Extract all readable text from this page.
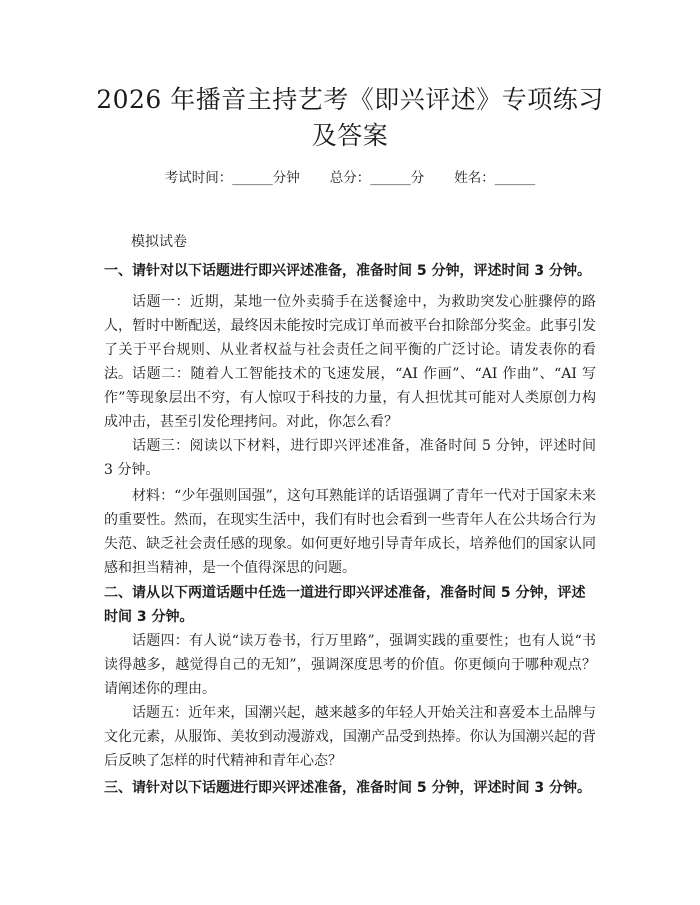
2026 年播音主持艺考《即兴评述》专项练习
及答案
考试时间：______分钟 总分：______分 姓名：______
模拟试卷
一、请针对以下话题进行即兴评述准备，准备时间 5 分钟，评述时间 3 分钟。

话题一：近期，某地一位外卖骑手在送餐途中，为救助突发心脏骤停的路人，暂时中断配送，最终因未能按时完成订单而被平台扣除部分奖金。此事引发了关于平台规则、从业者权益与社会责任之间平衡的广泛讨论。请发表你的看法。 话题二：随着人工智能技术的飞速发展，“AI 作画”、“AI 作曲”、“AI 写作”等现象层出不穷，有人惊叹于科技的力量，有人担忧其可能对人类原创力构成冲击，甚至引发伦理拷问。对此，你怎么看？

话题三：阅读以下材料，进行即兴评述准备，准备时间 5 分钟，评述时间 3 分钟。

材料：“少年强则国强”，这句耳熟能详的话语强调了青年一代对于国家未来的重要性。然而，在现实生活中，我们有时也会看到一些青年人在公共场合行为失范、缺乏社会责任感的现象。如何更好地引导青年成长，培养他们的国家认同感和担当精神，是一个值得深思的问题。

二、请从以下两道话题中任选一道进行即兴评述准备，准备时间 5 分钟，评述时间 3 分钟。

话题四：有人说“读万卷书，行万里路”，强调实践的重要性；也有人说“书读得越多，越觉得自己的无知”，强调深度思考的价值。你更倾向于哪种观点？请阐述你的理由。

话题五：近年来，国潮兴起，越来越多的年轻人开始关注和喜爱本土品牌与文化元素，从服饰、美妆到动漫游戏，国潮产品受到热捧。你认为国潮兴起的背后反映了怎样的时代精神和青年心态？

三、请针对以下话题进行即兴评述准备，准备时间 5 分钟，评述时间 3 分钟。
